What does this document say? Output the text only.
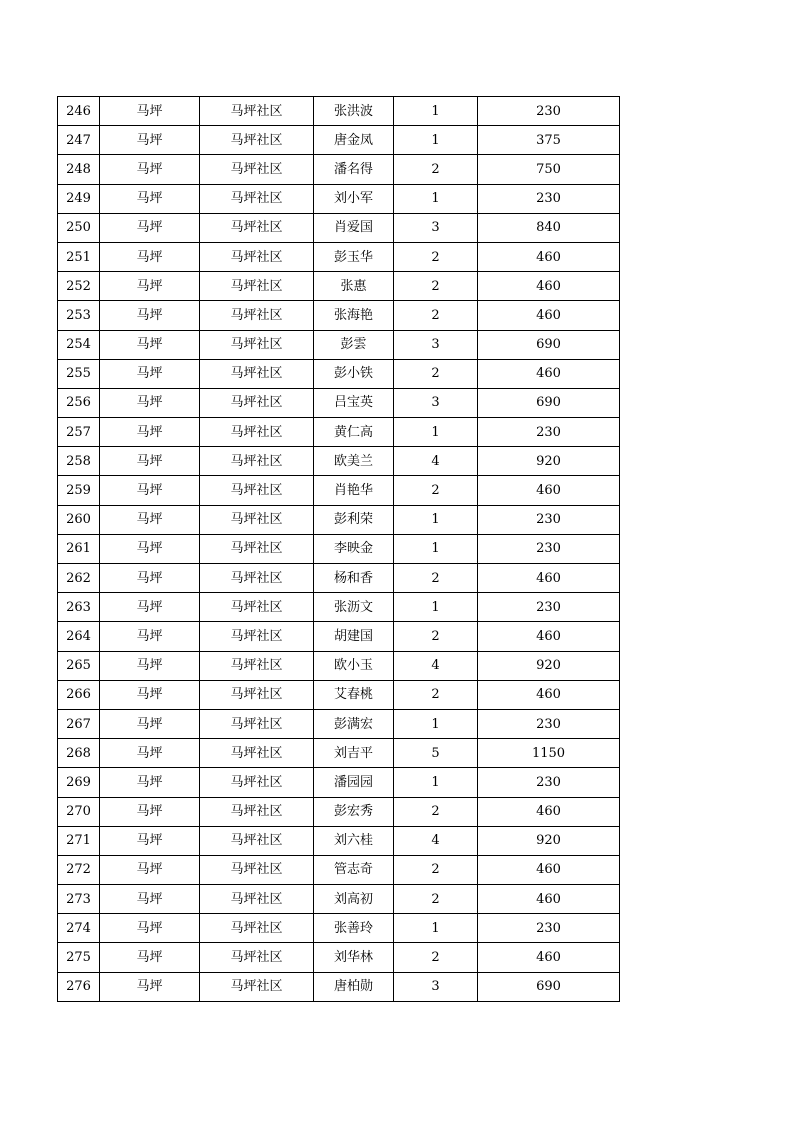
246	马坪	马坪社区	张洪波	1	230
247	马坪	马坪社区	唐金凤	1	375
248	马坪	马坪社区	潘名得	2	750
249	马坪	马坪社区	刘小军	1	230
250	马坪	马坪社区	肖爱国	3	840
251	马坪	马坪社区	彭玉华	2	460
252	马坪	马坪社区	张惠	2	460
253	马坪	马坪社区	张海艳	2	460
254	马坪	马坪社区	彭雲	3	690
255	马坪	马坪社区	彭小铁	2	460
256	马坪	马坪社区	吕宝英	3	690
257	马坪	马坪社区	黄仁高	1	230
258	马坪	马坪社区	欧美兰	4	920
259	马坪	马坪社区	肖艳华	2	460
260	马坪	马坪社区	彭利荣	1	230
261	马坪	马坪社区	李映金	1	230
262	马坪	马坪社区	杨和香	2	460
263	马坪	马坪社区	张沥文	1	230
264	马坪	马坪社区	胡建国	2	460
265	马坪	马坪社区	欧小玉	4	920
266	马坪	马坪社区	艾春桃	2	460
267	马坪	马坪社区	彭满宏	1	230
268	马坪	马坪社区	刘吉平	5	1150
269	马坪	马坪社区	潘园园	1	230
270	马坪	马坪社区	彭宏秀	2	460
271	马坪	马坪社区	刘六桂	4	920
272	马坪	马坪社区	管志奇	2	460
273	马坪	马坪社区	刘高初	2	460
274	马坪	马坪社区	张善玲	1	230
275	马坪	马坪社区	刘华林	2	460
276	马坪	马坪社区	唐柏勋	3	690
